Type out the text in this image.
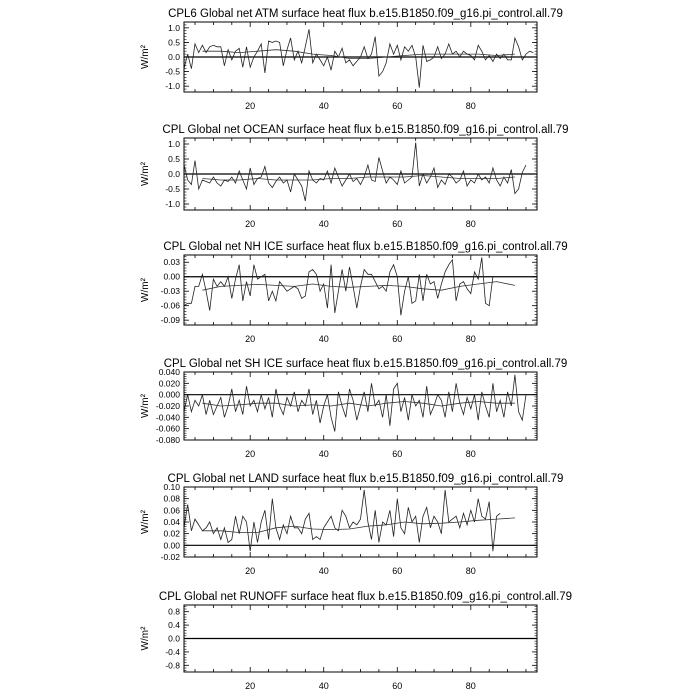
CPL6 Global net ATM surface heat flux b.e15.B1850.f09_g16.pi_control.all.79
W/m²
20	40	60	80
-1.0
-0.5
0.0
0.5
1.0
CPL Global net OCEAN surface heat flux b.e15.B1850.f09_g16.pi_control.all.79
W/m²
20	40	60	80
-1.0
-0.5
0.0
0.5
1.0
CPL Global net NH ICE surface heat flux b.e15.B1850.f09_g16.pi_control.all.79
W/m²
20	40	60	80
-0.09
-0.06
-0.03
0.00
0.03
CPL Global net SH ICE surface heat flux b.e15.B1850.f09_g16.pi_control.all.79
W/m²
20	40	60	80
-0.080
-0.060
-0.040
-0.020
0.000
0.020
0.040
CPL Global net LAND surface heat flux b.e15.B1850.f09_g16.pi_control.all.79
W/m²
20	40	60	80
-0.02
0.00
0.02
0.04
0.06
0.08
0.10
CPL Global net RUNOFF surface heat flux b.e15.B1850.f09_g16.pi_control.all.79
W/m²
20	40	60	80
-0.8
-0.4
0.0
0.4
0.8
